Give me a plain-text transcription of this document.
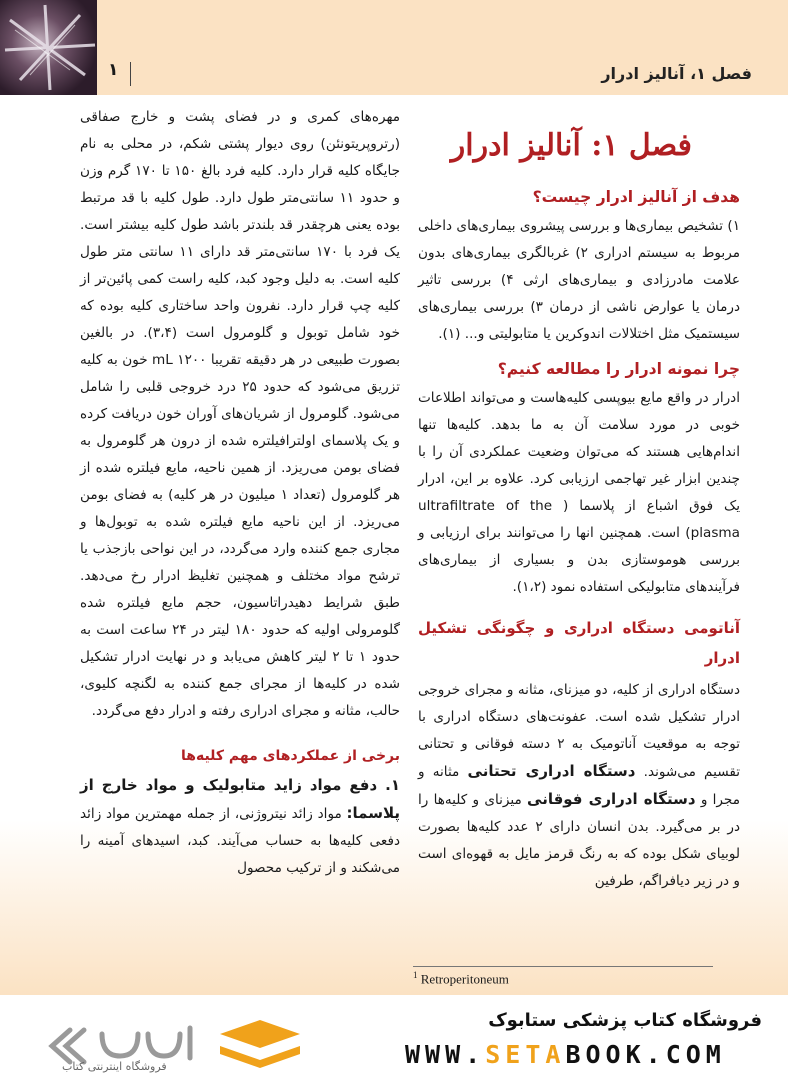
۱	فصل ۱، آنالیز ادرار

مهره‌های کمری و در فضای پشت و خارج صفاقی (رتروپریتونئن) روی دیوار پشتی شکم، در محلی به نام جایگاه کلیه قرار دارد. کلیه فرد بالغ ۱۵۰ تا ۱۷۰ گرم وزن و حدود ۱۱ سانتی‌متر طول دارد. طول کلیه با قد مرتبط بوده یعنی هرچقدر قد بلندتر باشد طول کلیه بیشتر است. یک فرد با ۱۷۰ سانتی‌متر قد دارای ۱۱ سانتی متر طول کلیه است. به دلیل وجود کبد، کلیه راست کمی پائین‌تر از کلیه چپ قرار دارد. نفرون واحد ساختاری کلیه بوده که خود شامل توبول و گلومرول است (۳،۴). در بالغین بصورت طبیعی در هر دقیقه تقریبا ۱۲۰۰ mL خون به کلیه تزریق می‌شود که حدود ۲۵ درد خروجی قلبی را شامل می‌شود. گلومرول از شریان‌های آوران خون دریافت کرده و یک پلاسمای اولترافیلتره شده از درون هر گلومرول به فضای بومن می‌ریزد. از همین ناحیه، مایع فیلتره شده از هر گلومرول (تعداد ۱ میلیون در هر کلیه) به فضای بومن می‌ریزد. از این ناحیه مایع فیلتره شده به توبول‌ها و مجاری جمع کننده وارد می‌گردد، در این نواحی بازجذب یا ترشح مواد مختلف و همچنین تغلیظ ادرار رخ می‌دهد. طبق شرایط دهیدراتاسیون، حجم مایع فیلتره شده گلومرولی اولیه که حدود ۱۸۰ لیتر در ۲۴ ساعت است به حدود ۱ تا ۲ لیتر کاهش می‌یابد و در نهایت ادرار تشکیل شده در کلیه‌ها از مجرای جمع کننده به لگنچه کلیوی، حالب، مثانه و مجرای ادراری رفته و ادرار دفع می‌گردد.

برخی از عملکردهای مهم کلیه‌ها

۱. دفع مواد زاید متابولیک و مواد خارج از پلاسما: مواد زائد نیتروژنی، از جمله مهمترین مواد زائد دفعی کلیه‌ها به حساب می‌آیند. کبد، اسیدهای آمینه را می‌شکند و از ترکیب محصول

فصل ۱: آنالیز ادرار
هدف از آنالیز ادرار چیست؟

۱) تشخیص بیماری‌ها و بررسی پیشروی بیماری‌های داخلی مربوط به سیستم ادراری ۲) غربالگری بیماری‌های بدون علامت مادرزادی و بیماری‌های ارثی ۴) بررسی تاثیر درمان یا عوارض ناشی از درمان ۳) بررسی بیماری‌های سیستمیک مثل اختلالات اندوکرین یا متابولیتی و... (۱).

چرا نمونه ادرار را مطالعه کنیم؟

ادرار در واقع مایع بیوپسی کلیه‌هاست و می‌تواند اطلاعات خوبی در مورد سلامت آن به ما بدهد. کلیه‌ها تنها اندام‌هایی هستند که می‌توان وضعیت عملکردی آن را با چندین ابزار غیر تهاجمی ارزیابی کرد. علاوه بر این، ادرار یک فوق اشباع از پلاسما ( ultrafiltrate of the plasma) است. همچنین انها را می‌توانند برای ارزیابی و بررسی هوموستازی بدن و بسیاری از بیماری‌های فرآیندهای متابولیکی استفاده نمود (۱،۲).

آناتومی دستگاه ادراری و چگونگی تشکیل ادرار

دستگاه ادراری از کلیه، دو میزنای، مثانه و مجرای خروجی ادرار تشکیل شده است. عفونت‌های دستگاه ادراری با توجه به موقعیت آناتومیک به ۲ دسته فوقانی و تحتانی تقسیم می‌شوند. دستگاه ادراری تحتانی مثانه و مجرا و دستگاه ادراری فوقانی میزنای و کلیه‌ها را در بر می‌گیرد. بدن انسان دارای ۲ عدد کلیه‌ها بصورت لوبیای شکل بوده که به رنگ قرمز مایل به قهوه‌ای است و در زیر دیافراگم، طرفین

$^1$ Retroperitoneum
فروشگاه اینترنتی کتاب
فروشگاه کتاب پزشکی ستابوک
WWW.SETABOOK.COM
